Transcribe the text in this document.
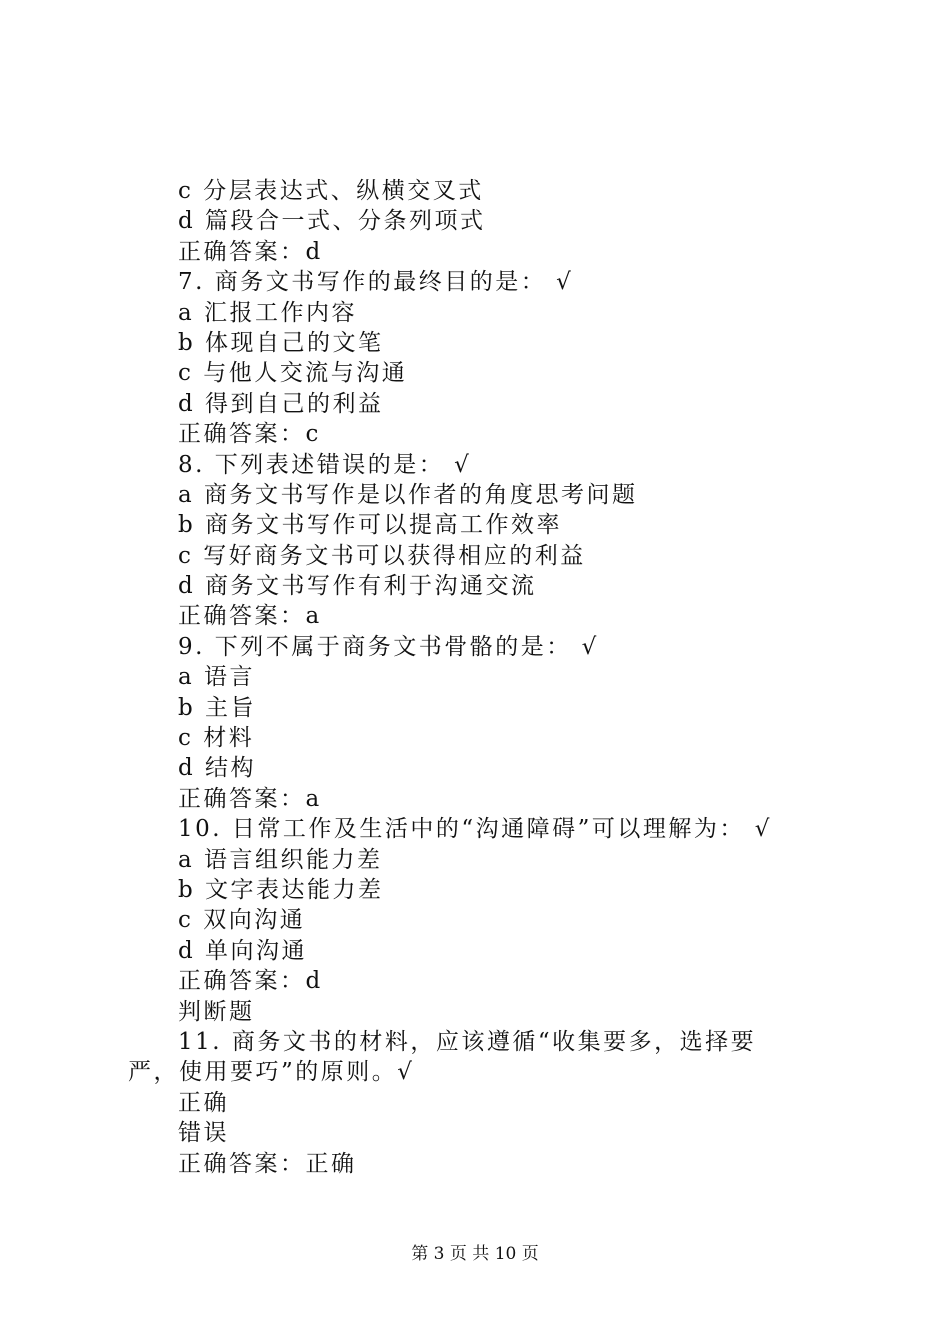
c 分层表达式、纵横交叉式
d 篇段合一式、分条列项式
正确答案：d
7. 商务文书写作的最终目的是： √
a 汇报工作内容
b 体现自己的文笔
c 与他人交流与沟通
d 得到自己的利益
正确答案：c
8. 下列表述错误的是： √
a 商务文书写作是以作者的角度思考问题
b 商务文书写作可以提高工作效率
c 写好商务文书可以获得相应的利益
d 商务文书写作有利于沟通交流
正确答案：a
9. 下列不属于商务文书骨骼的是： √
a 语言
b 主旨
c 材料
d 结构
正确答案：a
10. 日常工作及生活中的“沟通障碍”可以理解为： √
a 语言组织能力差
b 文字表达能力差
c 双向沟通
d 单向沟通
正确答案：d
判断题
11. 商务文书的材料，应该遵循“收集要多，选择要严，使用要巧”的原则。√
正确
错误
正确答案：正确
第 3 页 共 10 页
